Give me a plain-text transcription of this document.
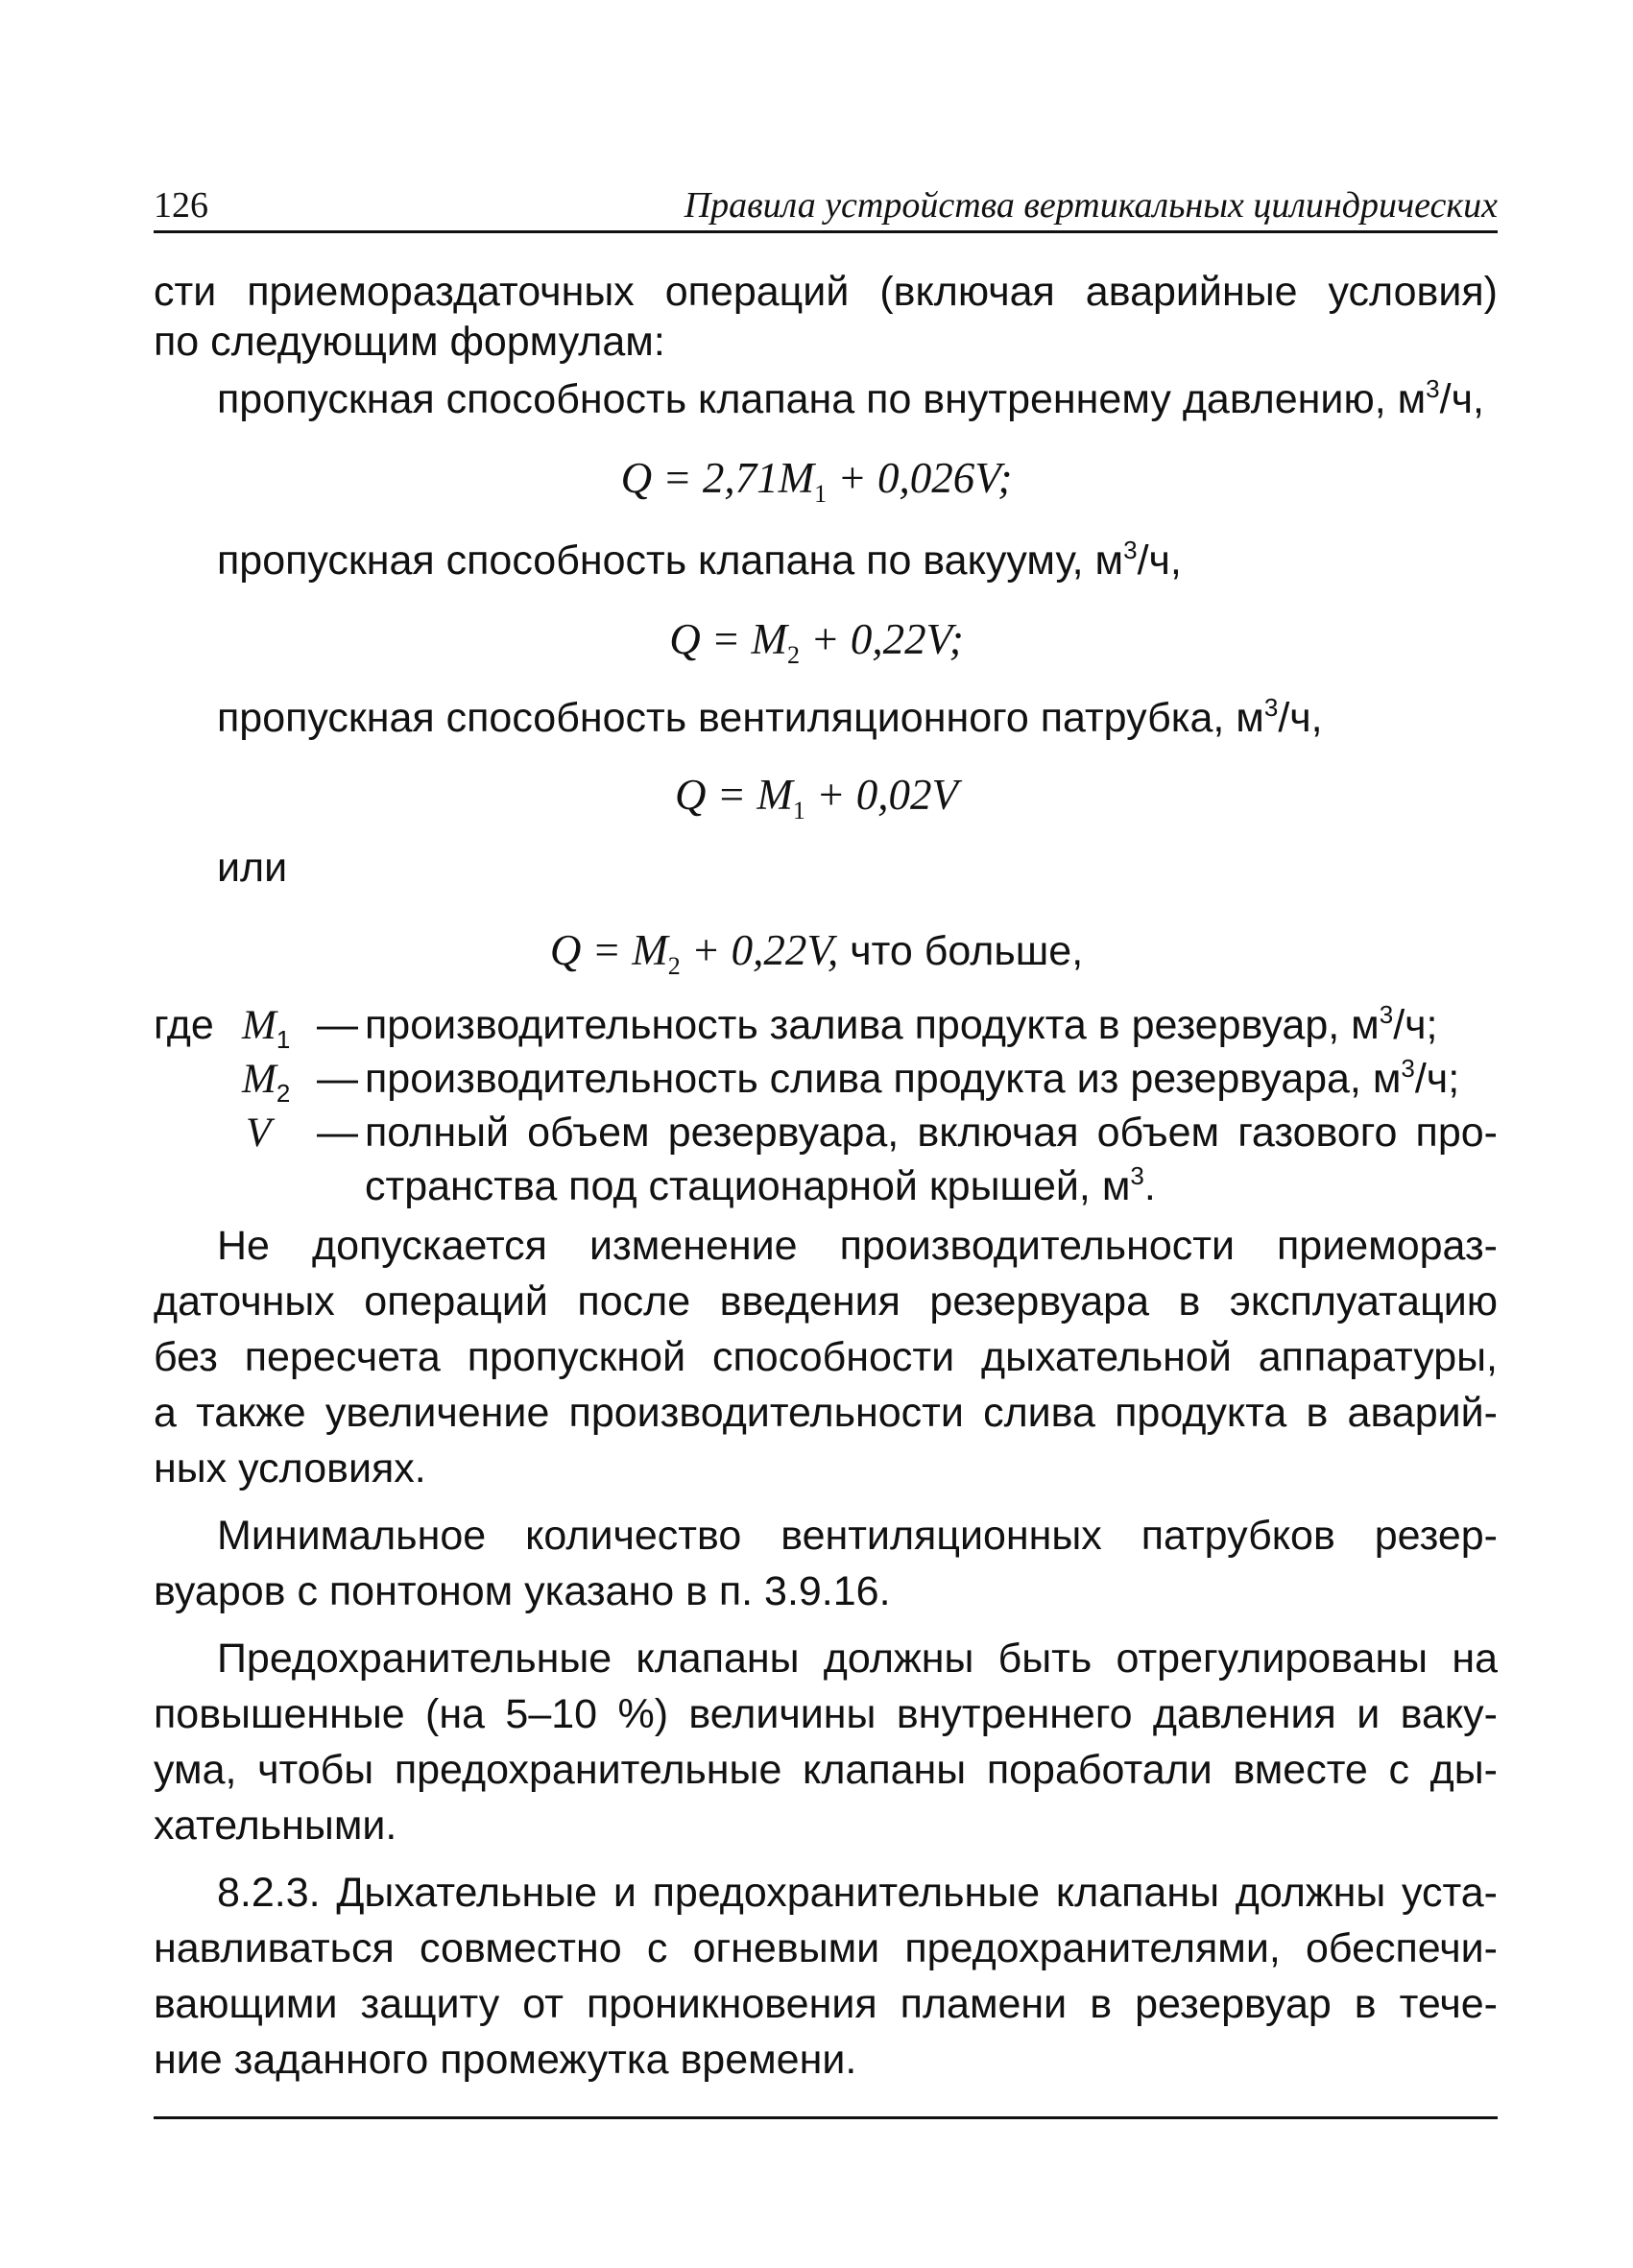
126	Правила устройства вертикальных цилиндрических
сти приемораздаточных операций (включая аварийные условия)
по следующим формулам:
пропускная способность клапана по внутреннему давлению, $м^3/ч$,
$Q = 2,71M_1 + 0,026V$;
пропускная способность клапана по вакууму, $м^3/ч$,
$Q = M_2 + 0,22V$;
пропускная способность вентиляционного патрубка, $м^3/ч$,
$Q = M_1 + 0,02V$
или
$Q = M_2 + 0,22V$, что больше,
где $M_1$ — производительность залива продукта в резервуар, $м^3/ч$;
$M_2$ — производительность слива продукта из резервуара, $м^3/ч$;
V — полный объем резервуара, включая объем газового про-
странства под стационарной крышей, $м^3$.
Не допускается изменение производительности приемораз-
даточных операций после введения резервуара в эксплуатацию
без пересчета пропускной способности дыхательной аппаратуры,
а также увеличение производительности слива продукта в аварий-
ных условиях.
Минимальное количество вентиляционных патрубков резер-
вуаров с понтоном указано в п. 3.9.16.
Предохранительные клапаны должны быть отрегулированы на
повышенные (на 5–10 %) величины внутреннего давления и ваку-
ума, чтобы предохранительные клапаны поработали вместе с ды-
хательными.
8.2.3. Дыхательные и предохранительные клапаны должны уста-
навливаться совместно с огневыми предохранителями, обеспечи-
вающими защиту от проникновения пламени в резервуар в тече-
ние заданного промежутка времени.
